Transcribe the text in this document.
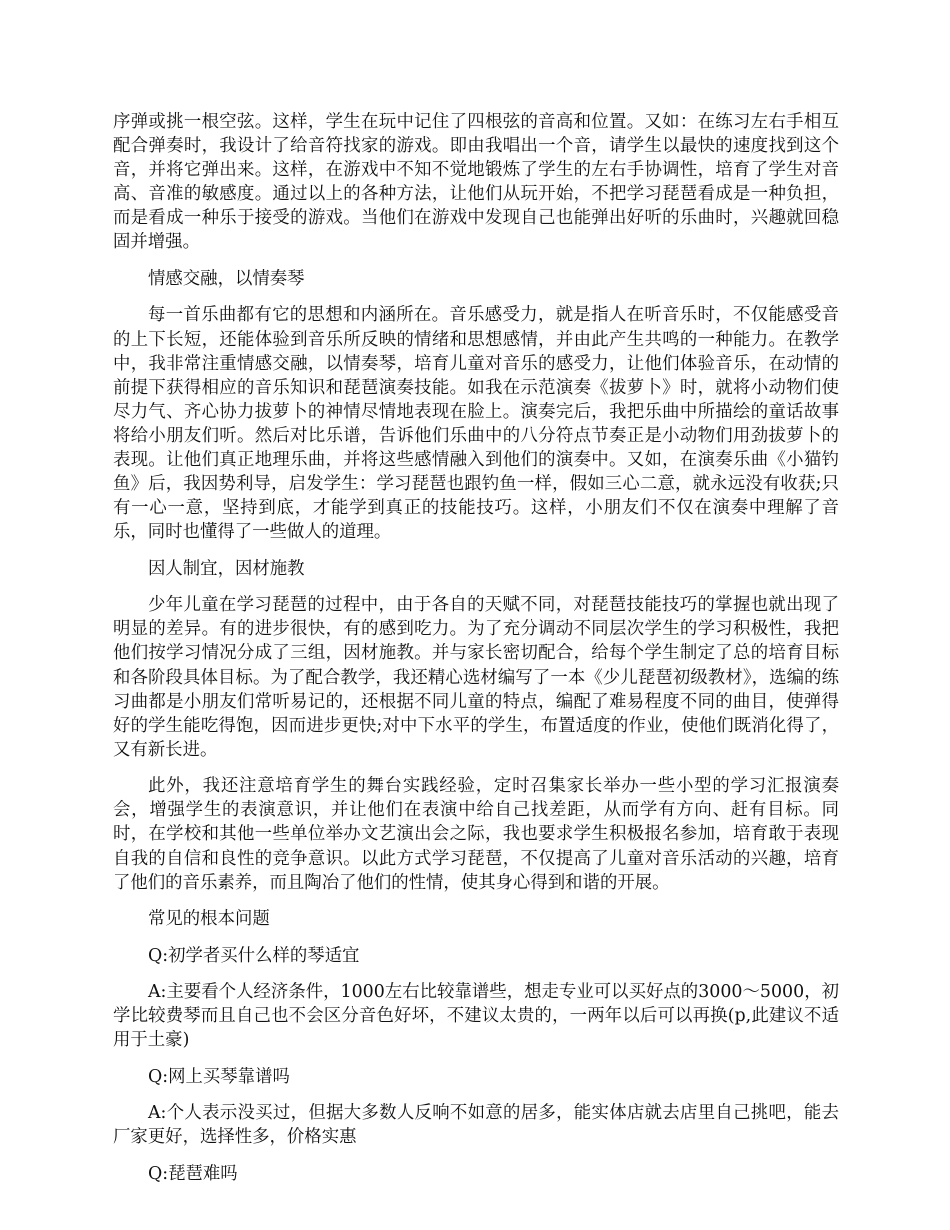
序弹或挑一根空弦。这样，学生在玩中记住了四根弦的音高和位置。又如：在练习左右手相互配合弹奏时，我设计了给音符找家的游戏。即由我唱出一个音，请学生以最快的速度找到这个音，并将它弹出来。这样，在游戏中不知不觉地锻炼了学生的左右手协调性，培育了学生对音高、音准的敏感度。通过以上的各种方法，让他们从玩开始，不把学习琵琶看成是一种负担，而是看成一种乐于接受的游戏。当他们在游戏中发现自己也能弹出好听的乐曲时，兴趣就回稳固并增强。

情感交融，以情奏琴

每一首乐曲都有它的思想和内涵所在。音乐感受力，就是指人在听音乐时，不仅能感受音的上下长短，还能体验到音乐所反映的情绪和思想感情，并由此产生共鸣的一种能力。在教学中，我非常注重情感交融，以情奏琴，培育儿童对音乐的感受力，让他们体验音乐，在动情的前提下获得相应的音乐知识和琵琶演奏技能。如我在示范演奏《拔萝卜》时，就将小动物们使尽力气、齐心协力拔萝卜的神情尽情地表现在脸上。演奏完后，我把乐曲中所描绘的童话故事将给小朋友们听。然后对比乐谱，告诉他们乐曲中的八分符点节奏正是小动物们用劲拔萝卜的表现。让他们真正地理乐曲，并将这些感情融入到他们的演奏中。又如，在演奏乐曲《小猫钓鱼》后，我因势利导，启发学生：学习琵琶也跟钓鱼一样，假如三心二意，就永远没有收获;只有一心一意，坚持到底，才能学到真正的技能技巧。这样，小朋友们不仅在演奏中理解了音乐，同时也懂得了一些做人的道理。

因人制宜，因材施教

少年儿童在学习琵琶的过程中，由于各自的天赋不同，对琵琶技能技巧的掌握也就出现了明显的差异。有的进步很快，有的感到吃力。为了充分调动不同层次学生的学习积极性，我把他们按学习情况分成了三组，因材施教。并与家长密切配合，给每个学生制定了总的培育目标和各阶段具体目标。为了配合教学，我还精心选材编写了一本《少儿琵琶初级教材》，选编的练习曲都是小朋友们常听易记的，还根据不同儿童的特点，编配了难易程度不同的曲目，使弹得好的学生能吃得饱，因而进步更快;对中下水平的学生，布置适度的作业，使他们既消化得了，又有新长进。

此外，我还注意培育学生的舞台实践经验，定时召集家长举办一些小型的学习汇报演奏会，增强学生的表演意识，并让他们在表演中给自己找差距，从而学有方向、赶有目标。同时，在学校和其他一些单位举办文艺演出会之际，我也要求学生积极报名参加，培育敢于表现自我的自信和良性的竞争意识。以此方式学习琵琶，不仅提高了儿童对音乐活动的兴趣，培育了他们的音乐素养，而且陶冶了他们的性情，使其身心得到和谐的开展。

常见的根本问题

Q:初学者买什么样的琴适宜

A:主要看个人经济条件，1000左右比较靠谱些，想走专业可以买好点的3000～5000，初学比较费琴而且自己也不会区分音色好坏，不建议太贵的，一两年以后可以再换(p,此建议不适用于土豪)

Q:网上买琴靠谱吗

A:个人表示没买过，但据大多数人反响不如意的居多，能实体店就去店里自己挑吧，能去厂家更好，选择性多，价格实惠

Q:琵琶难吗
